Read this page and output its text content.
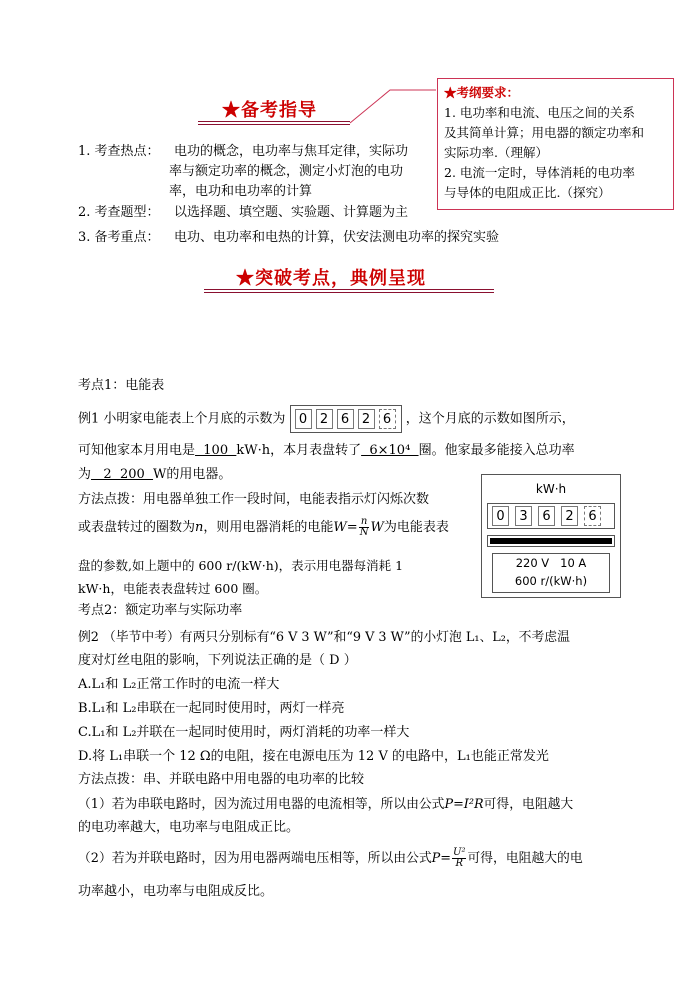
★备考指导
★考纲要求：
1. 电功率和电流、电压之间的关系
及其简单计算；用电器的额定功率和
实际功率.（理解）
2. 电流一定时，导体消耗的电功率
与导体的电阻成正比.（探究）
1. 考查热点： 电功的概念，电功率与焦耳定律，实际功
率与额定功率的概念，测定小灯泡的电功
率，电功和电功率的计算
2. 考查题型： 以选择题、填空题、实验题、计算题为主
3. 备考重点： 电功、电功率和电热的计算，伏安法测电功率的探究实验
★突破考点，典例呈现
考点1：电能表
例1 小明家电能表上个月底的示数为 0 2 6 2 6 ，这个月底的示数如图所示，
可知他家本月用电是  100  kW·h，本月表盘转了  6×10⁴  圈。他家最多能接入总功率
为   2  200  W的用电器。
方法点拨：用电器单独工作一段时间，电能表指示灯闪烁次数
或表盘转过的圈数为n，则用电器消耗的电能$W= \frac{n}{N}$ W为电能表表
盘的参数,如上题中的 600 r/(kW·h)，表示用电器每消耗 1
kW·h，电能表表盘转过 600 圈。
kW·h
0 3 6 2 6
220 V   10 A
600 r/(kW·h)
考点2：额定功率与实际功率
例2 （毕节中考）有两只分别标有“6 V 3 W”和“9 V 3 W”的小灯泡 L₁、L₂，不考虑温
度对灯丝电阻的影响，下列说法正确的是（ D ）
A.L₁和 L₂正常工作时的电流一样大
B.L₁和 L₂串联在一起同时使用时，两灯一样亮
C.L₁和 L₂并联在一起同时使用时，两灯消耗的功率一样大
D.将 L₁串联一个 12 Ω的电阻，接在电源电压为 12 V 的电路中，L₁也能正常发光
方法点拨：串、并联电路中用电器的电功率的比较
（1）若为串联电路时，因为流过用电器的电流相等，所以由公式P=I²R可得，电阻越大
的电功率越大，电功率与电阻成正比。
（2）若为并联电路时，因为用电器两端电压相等，所以由公式$P= \frac{\text{U²}}{R}$ 可得，电阻越大的电
功率越小，电功率与电阻成反比。
